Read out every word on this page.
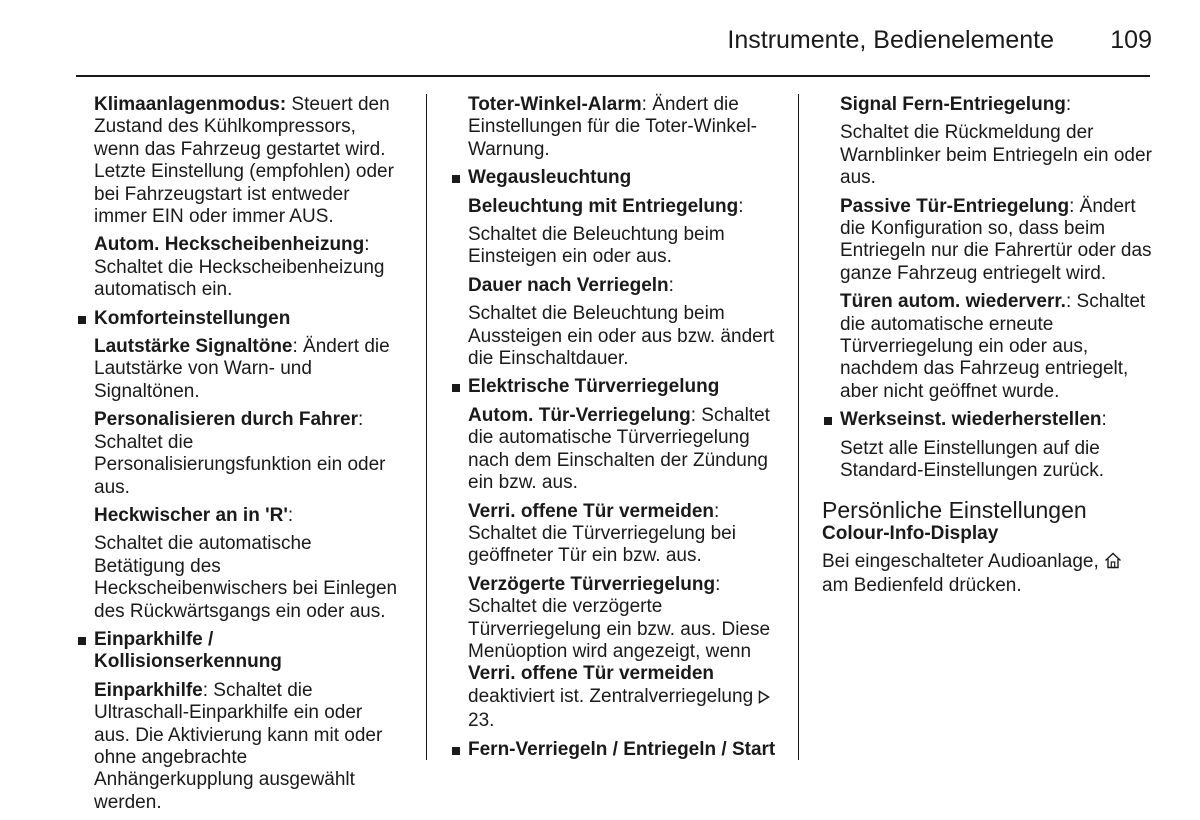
Instrumente, Bedienelemente 109

Klimaanlagenmodus: Steuert den Zustand des Kühlkompressors, wenn das Fahrzeug gestartet wird. Letzte Einstellung (empfohlen) oder bei Fahrzeugstart ist entweder immer EIN oder immer AUS.

Autom. Heckscheibenheizung: Schaltet die Heckscheibenheizung automatisch ein.

Komforteinstellungen

Lautstärke Signaltöne: Ändert die Lautstärke von Warn- und Signaltönen.

Personalisieren durch Fahrer: Schaltet die Personalisierungsfunktion ein oder aus.

Heckwischer an in 'R':

Schaltet die automatische Betätigung des Heckscheibenwischers bei Einlegen des Rückwärtsgangs ein oder aus.

Einparkhilfe / Kollisionserkennung

Einparkhilfe: Schaltet die Ultraschall-Einparkhilfe ein oder aus. Die Aktivierung kann mit oder ohne angebrachte Anhängerkupplung ausgewählt werden.

Toter-Winkel-Alarm: Ändert die Einstellungen für die Toter-Winkel-Warnung.

Wegausleuchtung

Beleuchtung mit Entriegelung:

Schaltet die Beleuchtung beim Einsteigen ein oder aus.

Dauer nach Verriegeln:

Schaltet die Beleuchtung beim Aussteigen ein oder aus bzw. ändert die Einschaltdauer.

Elektrische Türverriegelung

Autom. Tür-Verriegelung: Schaltet die automatische Türverriegelung nach dem Einschalten der Zündung ein bzw. aus.

Verri. offene Tür vermeiden: Schaltet die Türverriegelung bei geöffneter Tür ein bzw. aus.

Verzögerte Türverriegelung: Schaltet die verzögerte Türverriegelung ein bzw. aus. Diese Menüoption wird angezeigt, wenn Verri. offene Tür vermeiden deaktiviert ist. Zentralverriegelung  23.

Fern-Verriegeln / Entriegeln / Start

Signal Fern-Entriegelung:

Schaltet die Rückmeldung der Warnblinker beim Entriegeln ein oder aus.

Passive Tür-Entriegelung: Ändert die Konfiguration so, dass beim Entriegeln nur die Fahrertür oder das ganze Fahrzeug entriegelt wird.

Türen autom. wiederverr.: Schaltet die automatische erneute Türverriegelung ein oder aus, nachdem das Fahrzeug entriegelt, aber nicht geöffnet wurde.

Werkseinst. wiederherstellen:

Setzt alle Einstellungen auf die Standard-Einstellungen zurück.

Persönliche Einstellungen

Colour-Info-Display

Bei eingeschalteter Audioanlage,  am Bedienfeld drücken.
